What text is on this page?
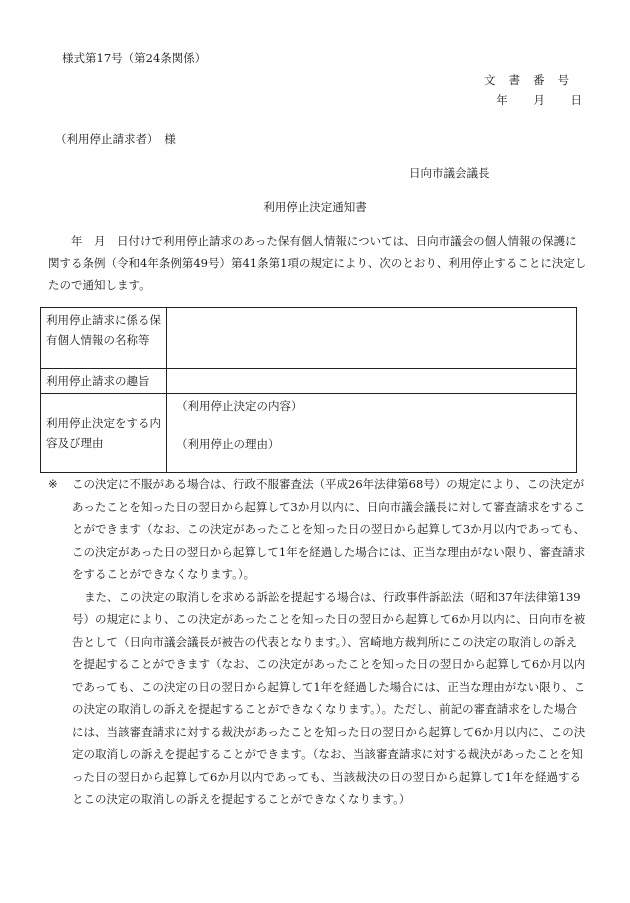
様式第17号（第24条関係）
文書番号
年 月 日
（利用停止請求者）　様
日向市議会議長
利用停止決定通知書

年　月　日付けで利用停止請求のあった保有個人情報については、日向市議会の個人情報の保護に関する条例（令和4年条例第49号）第41条第1項の規定により、次のとおり、利用停止することに決定したので通知します。

利用停止請求に係る保有個人情報の名称等	
利用停止請求の趣旨	
利用停止決定をする内容及び理由	（利用停止決定の内容）
（利用停止の理由）

※ この決定に不服がある場合は、行政不服審査法（平成26年法律第68号）の規定により、この決定があったことを知った日の翌日から起算して3か月以内に、日向市議会議長に対して審査請求をすることができます（なお、この決定があったことを知った日の翌日から起算して3か月以内であっても、この決定があった日の翌日から起算して1年を経過した場合には、正当な理由がない限り、審査請求をすることができなくなります。）。

また、この決定の取消しを求める訴訟を提起する場合は、行政事件訴訟法（昭和37年法律第139号）の規定により、この決定があったことを知った日の翌日から起算して6か月以内に、日向市を被告として（日向市議会議長が被告の代表となります。）、宮崎地方裁判所にこの決定の取消しの訴えを提起することができます（なお、この決定があったことを知った日の翌日から起算して6か月以内であっても、この決定の日の翌日から起算して1年を経過した場合には、正当な理由がない限り、この決定の取消しの訴えを提起することができなくなります。）。ただし、前記の審査請求をした場合には、当該審査請求に対する裁決があったことを知った日の翌日から起算して6か月以内に、この決定の取消しの訴えを提起することができます。（なお、当該審査請求に対する裁決があったことを知った日の翌日から起算して6か月以内であっても、当該裁決の日の翌日から起算して1年を経過するとこの決定の取消しの訴えを提起することができなくなります。）
